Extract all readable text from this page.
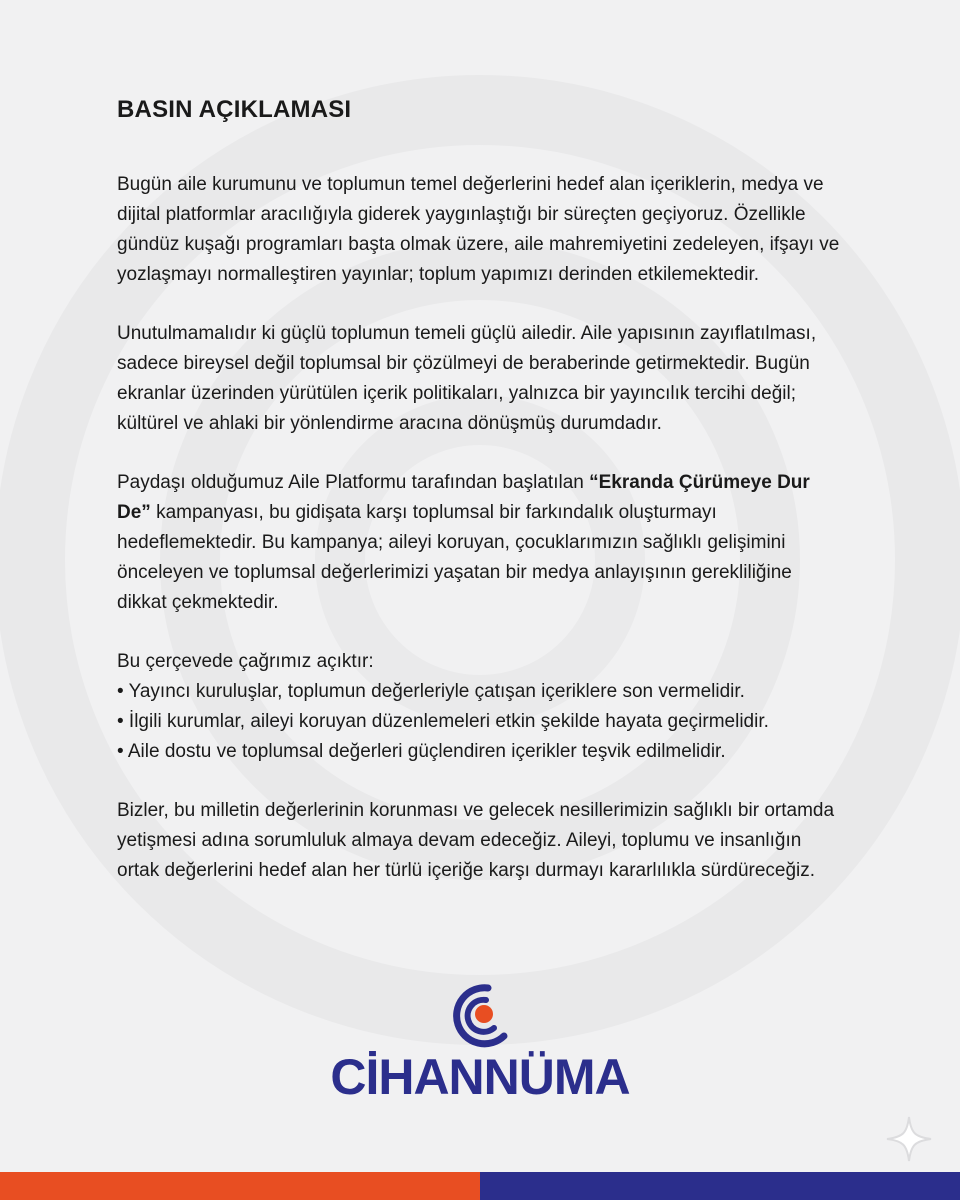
BASIN AÇIKLAMASI

Bugün aile kurumunu ve toplumun temel değerlerini hedef alan içeriklerin, medya ve dijital platformlar aracılığıyla giderek yaygınlaştığı bir süreçten geçiyoruz. Özellikle gündüz kuşağı programları başta olmak üzere, aile mahremiyetini zedeleyen, ifşayı ve yozlaşmayı normalleştiren yayınlar; toplum yapımızı derinden etkilemektedir.

Unutulmamalıdır ki güçlü toplumun temeli güçlü ailedir. Aile yapısının zayıflatılması, sadece bireysel değil toplumsal bir çözülmeyi de beraberinde getirmektedir. Bugün ekranlar üzerinden yürütülen içerik politikaları, yalnızca bir yayıncılık tercihi değil; kültürel ve ahlaki bir yönlendirme aracına dönüşmüş durumdadır.

Paydaşı olduğumuz Aile Platformu tarafından başlatılan “Ekranda Çürümeye Dur De” kampanyası, bu gidişata karşı toplumsal bir farkındalık oluşturmayı hedeflemektedir. Bu kampanya; aileyi koruyan, çocuklarımızın sağlıklı gelişimini önceleyen ve toplumsal değerlerimizi yaşatan bir medya anlayışının gerekliliğine dikkat çekmektedir.

Bu çerçevede çağrımız açıktır:
• Yayıncı kuruluşlar, toplumun değerleriyle çatışan içeriklere son vermelidir.
• İlgili kurumlar, aileyi koruyan düzenlemeleri etkin şekilde hayata geçirmelidir.
• Aile dostu ve toplumsal değerleri güçlendiren içerikler teşvik edilmelidir.

Bizler, bu milletin değerlerinin korunması ve gelecek nesillerimizin sağlıklı bir ortamda yetişmesi adına sorumluluk almaya devam edeceğiz. Aileyi, toplumu ve insanlığın ortak değerlerini hedef alan her türlü içeriğe karşı durmayı kararlılıkla sürdüreceğiz.

CİHANNÜMA
